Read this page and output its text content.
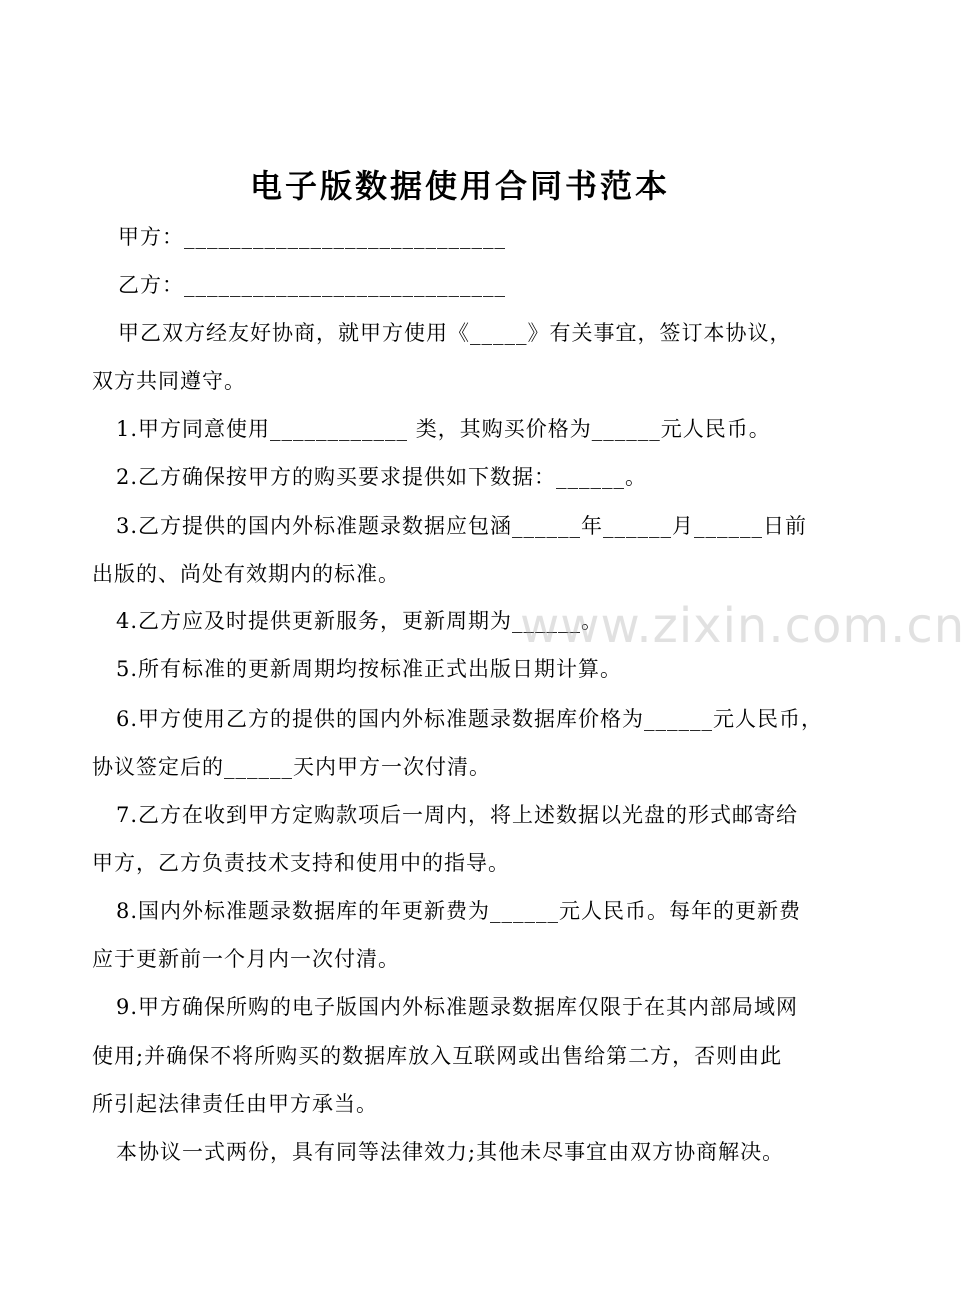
电子版数据使用合同书范本
甲方：____________________________
乙方：____________________________
甲乙双方经友好协商，就甲方使用《_____》有关事宜，签订本协议，
双方共同遵守。
1.甲方同意使用____________ 类，其购买价格为______元人民币。
2.乙方确保按甲方的购买要求提供如下数据：______。
3.乙方提供的国内外标准题录数据应包涵______年______月______日前
出版的、尚处有效期内的标准。
4.乙方应及时提供更新服务，更新周期为______。
5.所有标准的更新周期均按标准正式出版日期计算。
6.甲方使用乙方的提供的国内外标准题录数据库价格为______元人民币，
协议签定后的______天内甲方一次付清。
7.乙方在收到甲方定购款项后一周内，将上述数据以光盘的形式邮寄给
甲方，乙方负责技术支持和使用中的指导。
8.国内外标准题录数据库的年更新费为______元人民币。每年的更新费
应于更新前一个月内一次付清。
9.甲方确保所购的电子版国内外标准题录数据库仅限于在其内部局域网
使用;并确保不将所购买的数据库放入互联网或出售给第二方，否则由此
所引起法律责任由甲方承当。
本协议一式两份，具有同等法律效力;其他未尽事宜由双方协商解决。
www.zixin.com.cn
